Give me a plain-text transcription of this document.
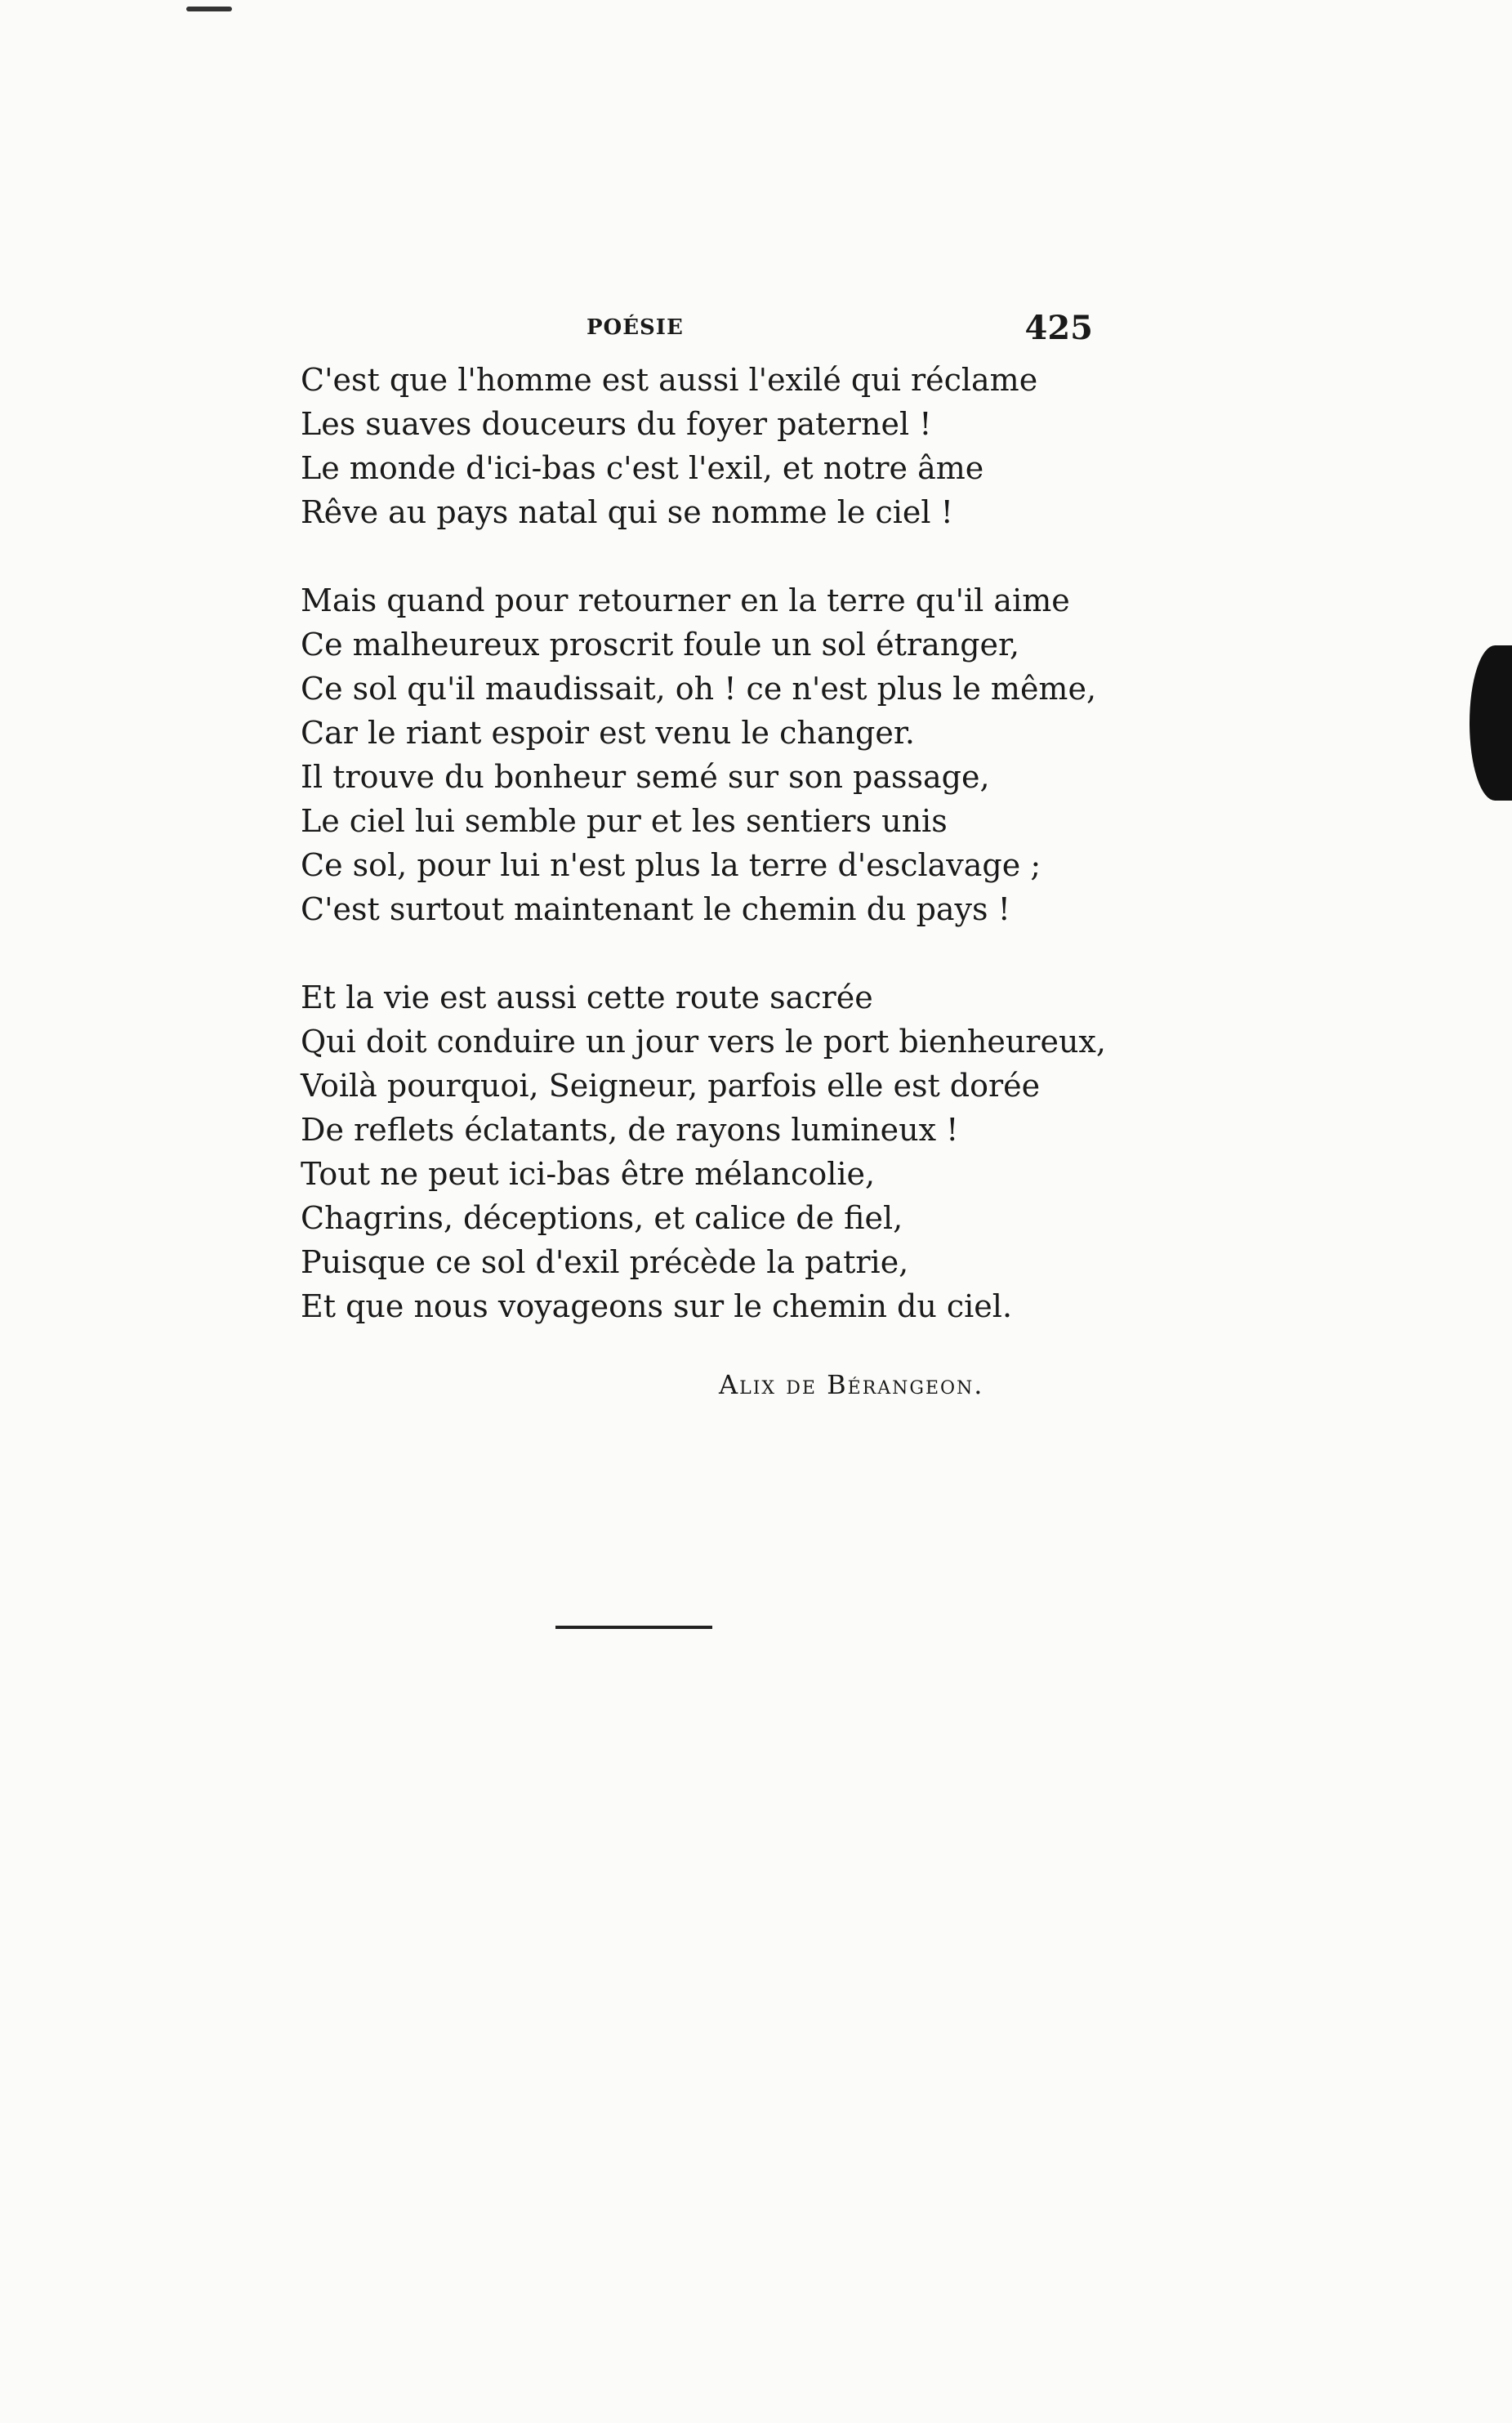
POÉSIE	425
C'est que l'homme est aussi l'exilé qui réclame
Les suaves douceurs du foyer paternel !
Le monde d'ici-bas c'est l'exil, et notre âme
Rêve au pays natal qui se nomme le ciel !
Mais quand pour retourner en la terre qu'il aime
Ce malheureux proscrit foule un sol étranger,
Ce sol qu'il maudissait, oh ! ce n'est plus le même,
Car le riant espoir est venu le changer.
Il trouve du bonheur semé sur son passage,
Le ciel lui semble pur et les sentiers unis
Ce sol, pour lui n'est plus la terre d'esclavage ;
C'est surtout maintenant le chemin du pays !
Et la vie est aussi cette route sacrée
Qui doit conduire un jour vers le port bienheureux,
Voilà pourquoi, Seigneur, parfois elle est dorée
De reflets éclatants, de rayons lumineux !
Tout ne peut ici-bas être mélancolie,
Chagrins, déceptions, et calice de fiel,
Puisque ce sol d'exil précède la patrie,
Et que nous voyageons sur le chemin du ciel.
Alix de Bérangeon.
